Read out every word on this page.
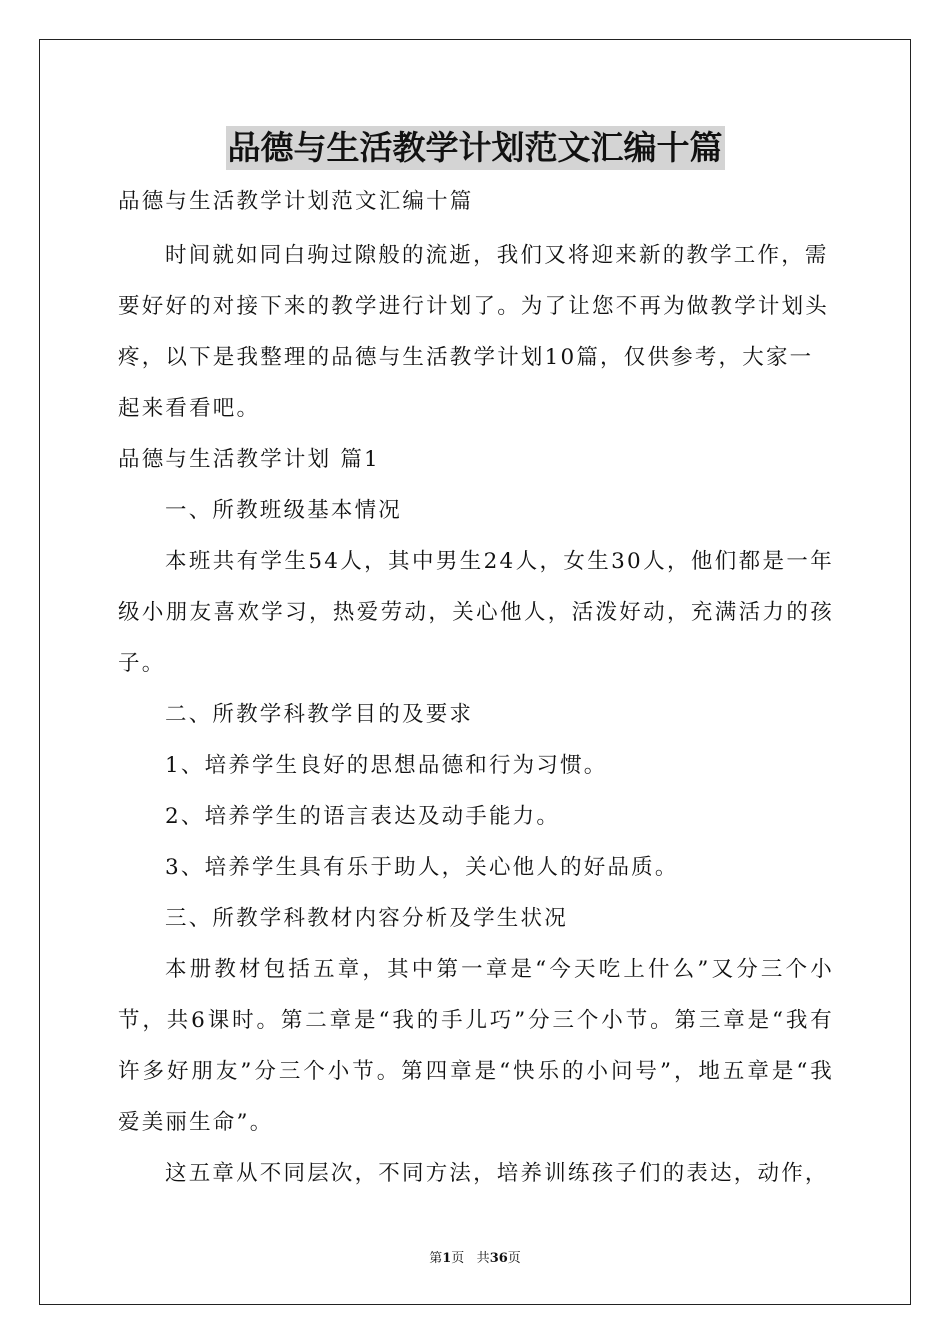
品德与生活教学计划范文汇编十篇

品德与生活教学计划范文汇编十篇

时间就如同白驹过隙般的流逝，我们又将迎来新的教学工作，需要好好的对接下来的教学进行计划了。为了让您不再为做教学计划头疼，以下是我整理的品德与生活教学计划10篇，仅供参考，大家一起来看看吧。

品德与生活教学计划 篇1

一、所教班级基本情况

本班共有学生54人，其中男生24人，女生30人，他们都是一年级小朋友喜欢学习，热爱劳动，关心他人，活泼好动，充满活力的孩子。

二、所教学科教学目的及要求

1、培养学生良好的思想品德和行为习惯。

2、培养学生的语言表达及动手能力。

3、培养学生具有乐于助人，关心他人的好品质。

三、所教学科教材内容分析及学生状况

本册教材包括五章，其中第一章是“今天吃上什么”又分三个小节，共6课时。第二章是“我的手儿巧”分三个小节。第三章是“我有许多好朋友”分三个小节。第四章是“快乐的小问号”，地五章是“我爱美丽生命”。

这五章从不同层次，不同方法，培养训练孩子们的表达，动作，

第1页 共36页
